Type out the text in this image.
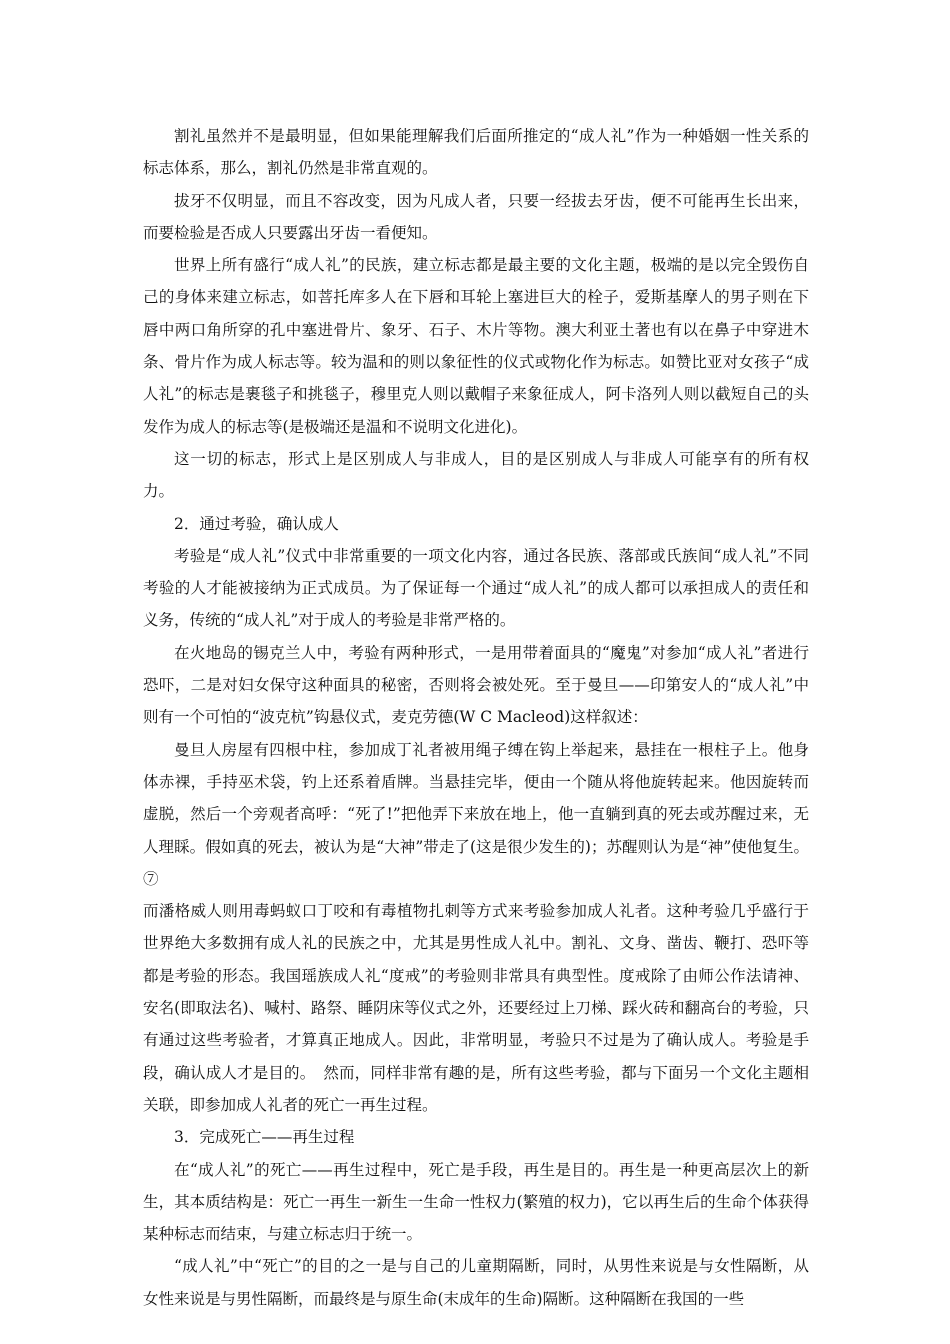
割礼虽然并不是最明显，但如果能理解我们后面所推定的“成人礼”作为一种婚姻一性关系的标志体系，那么，割礼仍然是非常直观的。

拔牙不仅明显，而且不容改变，因为凡成人者，只要一经拔去牙齿，便不可能再生长出来，而要检验是否成人只要露出牙齿一看便知。

世界上所有盛行“成人礼”的民族，建立标志都是最主要的文化主题，极端的是以完全毁伤自己的身体来建立标志，如菩托库多人在下唇和耳轮上塞进巨大的栓子，爱斯基摩人的男子则在下唇中两口角所穿的孔中塞进骨片、象牙、石子、木片等物。澳大利亚土著也有以在鼻子中穿进木条、骨片作为成人标志等。较为温和的则以象征性的仪式或物化作为标志。如赞比亚对女孩子“成人礼”的标志是裹毯子和挑毯子，穆里克人则以戴帽子来象征成人，阿卡洛列人则以截短自己的头发作为成人的标志等(是极端还是温和不说明文化进化)。

这一切的标志，形式上是区别成人与非成人，目的是区别成人与非成人可能享有的所有权力。

2．通过考验，确认成人

考验是“成人礼”仪式中非常重要的一项文化内容，通过各民族、落部或氏族间“成人礼”不同考验的人才能被接纳为正式成员。为了保证每一个通过“成人礼”的成人都可以承担成人的责任和义务，传统的“成人礼”对于成人的考验是非常严格的。

在火地岛的锡克兰人中，考验有两种形式，一是用带着面具的“魔鬼”对参加“成人礼”者进行恐吓，二是对妇女保守这种面具的秘密，否则将会被处死。至于曼旦——印第安人的“成人礼”中则有一个可怕的“波克杭”钩悬仪式，麦克劳德(W C Macleod)这样叙述：

曼旦人房屋有四根中柱，参加成丁礼者被用绳子缚在钩上举起来，悬挂在一根柱子上。他身体赤裸，手持巫术袋，钓上还系着盾牌。当悬挂完毕，便由一个随从将他旋转起来。他因旋转而虚脱，然后一个旁观者高呼：“死了!”把他弄下来放在地上，他一直躺到真的死去或苏醒过来，无人理睬。假如真的死去，被认为是“大神”带走了(这是很少发生的)；苏醒则认为是“神”使他复生。⑦

而潘格威人则用毒蚂蚁口丁咬和有毒植物扎刺等方式来考验参加成人礼者。这种考验几乎盛行于世界绝大多数拥有成人礼的民族之中，尤其是男性成人礼中。割礼、文身、凿齿、鞭打、恐吓等都是考验的形态。我国瑶族成人礼“度戒”的考验则非常具有典型性。度戒除了由师公作法请神、安名(即取法名)、喊村、路祭、睡阴床等仪式之外，还要经过上刀梯、踩火砖和翻高台的考验，只有通过这些考验者，才算真正地成人。因此，非常明显，考验只不过是为了确认成人。考验是手段，确认成人才是目的。　然而，同样非常有趣的是，所有这些考验，都与下面另一个文化主题相关联，即参加成人礼者的死亡一再生过程。

3．完成死亡——再生过程

在“成人礼”的死亡——再生过程中，死亡是手段，再生是目的。再生是一种更高层次上的新生，其本质结构是：死亡一再生一新生一生命一性权力(繁殖的权力)，它以再生后的生命个体获得某种标志而结束，与建立标志归于统一。

“成人礼”中“死亡”的目的之一是与自己的儿童期隔断，同时，从男性来说是与女性隔断，从女性来说是与男性隔断，而最终是与原生命(末成年的生命)隔断。这种隔断在我国的一些
